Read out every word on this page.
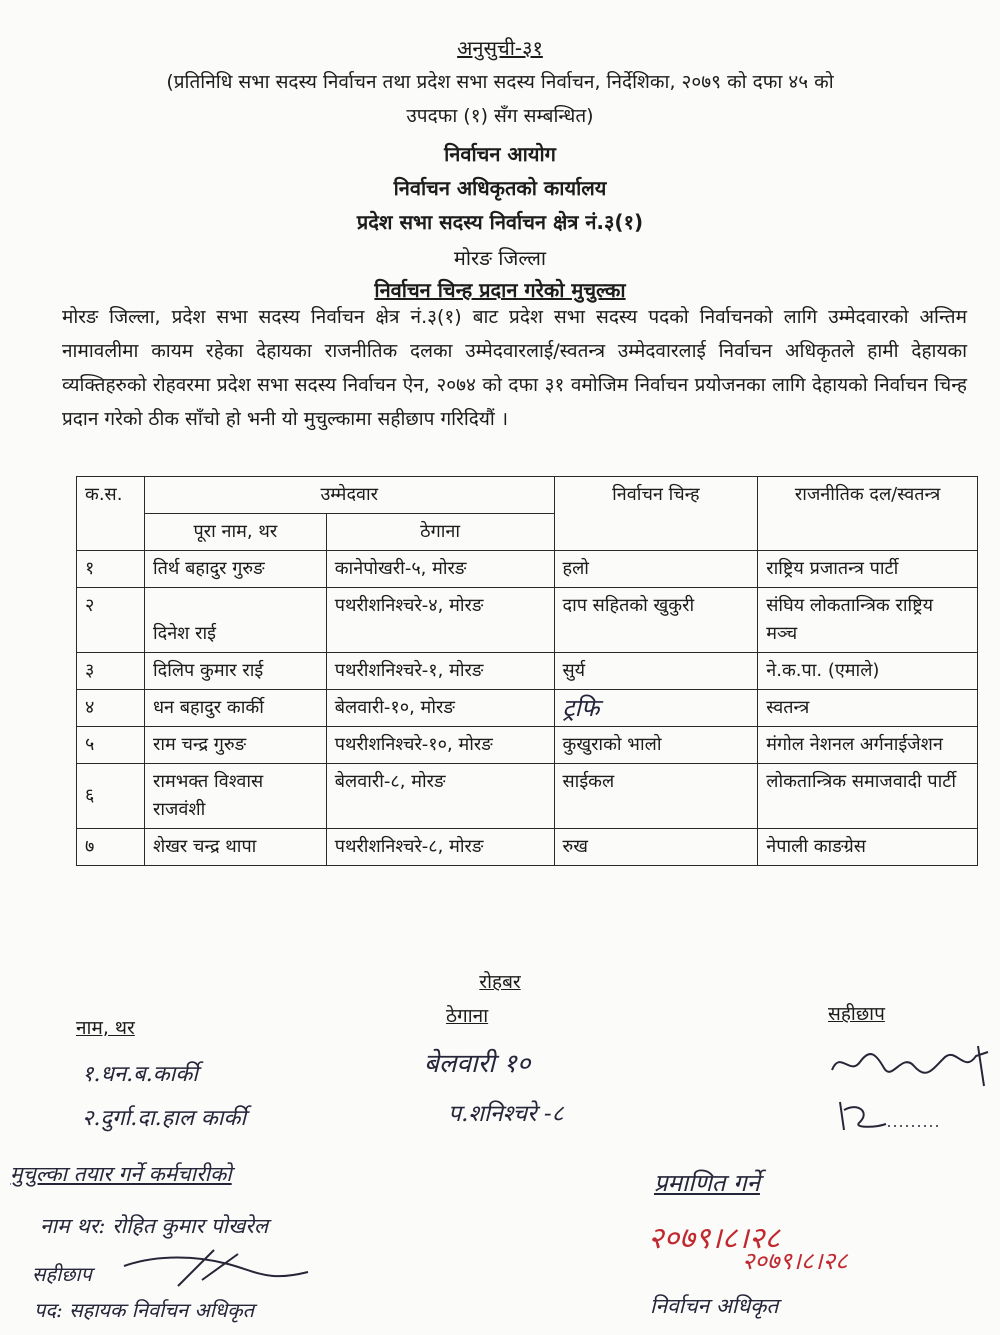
अनुसुची-३१
(प्रतिनिधि सभा सदस्य निर्वाचन तथा प्रदेश सभा सदस्य निर्वाचन, निर्देशिका, २०७९ को दफा ४५ को
उपदफा (१) सँग सम्बन्धित)
निर्वाचन आयोग
निर्वाचन अधिकृतको कार्यालय
प्रदेश सभा सदस्य निर्वाचन क्षेत्र नं.३(१)
मोरङ जिल्ला
निर्वाचन चिन्ह प्रदान गरेको मुचुल्का
मोरङ जिल्ला, प्रदेश सभा सदस्य निर्वाचन क्षेत्र नं.३(१) बाट प्रदेश सभा सदस्य पदको निर्वाचनको लागि उम्मेदवारको अन्तिम नामावलीमा कायम रहेका देहायका राजनीतिक दलका उम्मेदवारलाई/स्वतन्त्र उम्मेदवारलाई निर्वाचन अधिकृतले हामी देहायका व्यक्तिहरुको रोहवरमा प्रदेश सभा सदस्य निर्वाचन ऐन, २०७४ को दफा ३१ वमोजिम निर्वाचन प्रयोजनका लागि देहायको निर्वाचन चिन्ह प्रदान गरेको ठीक साँचो हो भनी यो मुचुल्कामा सहीछाप गरिदियौं ।
क.स.	उम्मेदवार		निर्वाचन चिन्ह	राजनीतिक दल/स्वतन्त्र
	पूरा नाम, थर	ठेगाना		
१	तिर्थ बहादुर गुरुङ	कानेपोखरी-५, मोरङ	हलो	राष्ट्रिय प्रजातन्त्र पार्टी
२	दिनेश राई	पथरीशनिश्चरे-४, मोरङ	दाप सहितको खुकुरी	संघिय लोकतान्त्रिक राष्ट्रिय मञ्च
३	दिलिप कुमार राई	पथरीशनिश्चरे-१, मोरङ	सुर्य	ने.क.पा. (एमाले)
४	धन बहादुर कार्की	बेलवारी-१०, मोरङ	ट्रफि	स्वतन्त्र
५	राम चन्द्र गुरुङ	पथरीशनिश्चरे-१०, मोरङ	कुखुराको भालो	मंगोल नेशनल अर्गनाईजेशन
६	रामभक्त विश्वास राजवंशी	बेलवारी-८, मोरङ	साईकल	लोकतान्त्रिक समाजवादी पार्टी
७	शेखर चन्द्र थापा	पथरीशनिश्चरे-८, मोरङ	रुख	नेपाली काङग्रेस
रोहबर
नाम, थर
ठेगाना	सहीछाप
१.धन.ब.कार्की	बेलवारी १०
२.दुर्गा.दा.हाल कार्की	प.शनिश्चरे -८
मुचुल्का तयार गर्ने कर्मचारीको
नाम थर: रोहित कुमार पोखरेल
सहीछाप
पद: सहायक निर्वाचन अधिकृत
प्रमाणित गर्ने
२०७९।८।२८
२०७९।८।२८
निर्वाचन अधिकृत
